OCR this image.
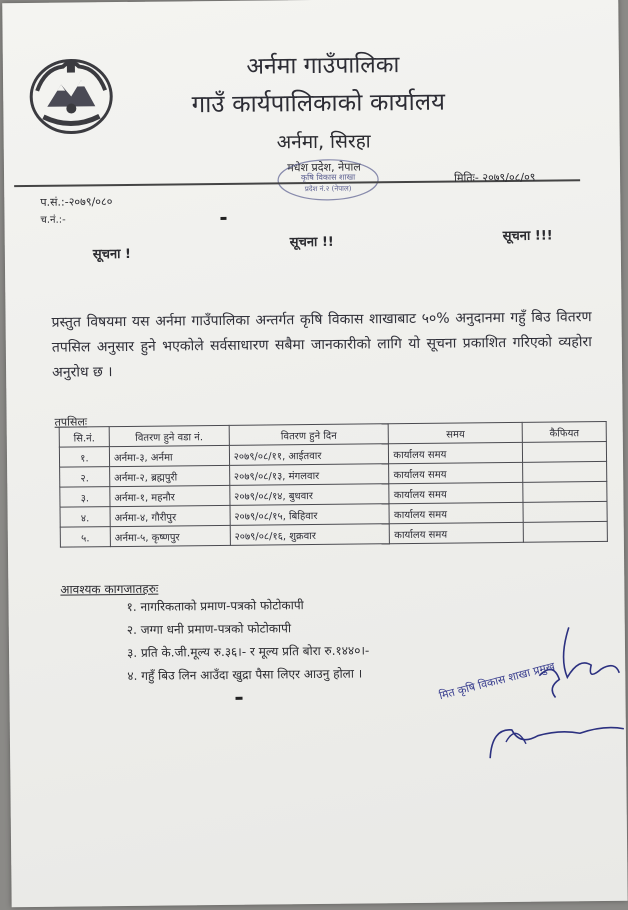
अर्नमा गाउँपालिका
गाउँ कार्यपालिकाको कार्यालय
अर्नमा, सिरहा
मधेश प्रदेश, नेपाल
कृषि विकास शाखा
प्रदेश नं.२ (नेपाल)
प.सं.:-२०७९/०८०
च.नं.:-
मितिः- २०७९/०८/०९
सूचना !
सूचना !!	सूचना !!!

प्रस्तुत विषयमा यस अर्नमा गाउँपालिका अन्तर्गत कृषि विकास शाखाबाट ५०% अनुदानमा गहुँ बिउ वितरण तपसिल अनुसार हुने भएकोले सर्वसाधारण सबैमा जानकारीको लागि यो सूचना प्रकाशित गरिएको व्यहोरा अनुरोध छ ।

तपसिलः
सि.नं.	वितरण हुने वडा नं.	वितरण हुने दिन	समय	कैफियत
१.	अर्नमा-३, अर्नमा	२०७९/०८/११, आईतवार	कार्यालय समय	
२.	अर्नमा-२, ब्रह्मपुरी	२०७९/०८/१३, मंगलवार	कार्यालय समय	
३.	अर्नमा-१, महनौर	२०७९/०८/१४, बुधवार	कार्यालय समय	
४.	अर्नमा-४, गौरीपुर	२०७९/०८/१५, बिहिवार	कार्यालय समय	
५.	अर्नमा-५, कृष्णपुर	२०७९/०८/१६, शुक्रवार	कार्यालय समय	
आवश्यक कागजातहरुः
१. नागरिकताको प्रमाण-पत्रको फोटोकापी
२. जग्गा धनी प्रमाण-पत्रको फोटोकापी
३. प्रति के.जी.मूल्य रु.३६।- र मूल्य प्रति बोरा रु.१४४०।-
४. गहुँ बिउ लिन आउँदा खुद्रा पैसा लिएर आउनु होला ।	मित कृषि विकास शाखा प्रमुख
